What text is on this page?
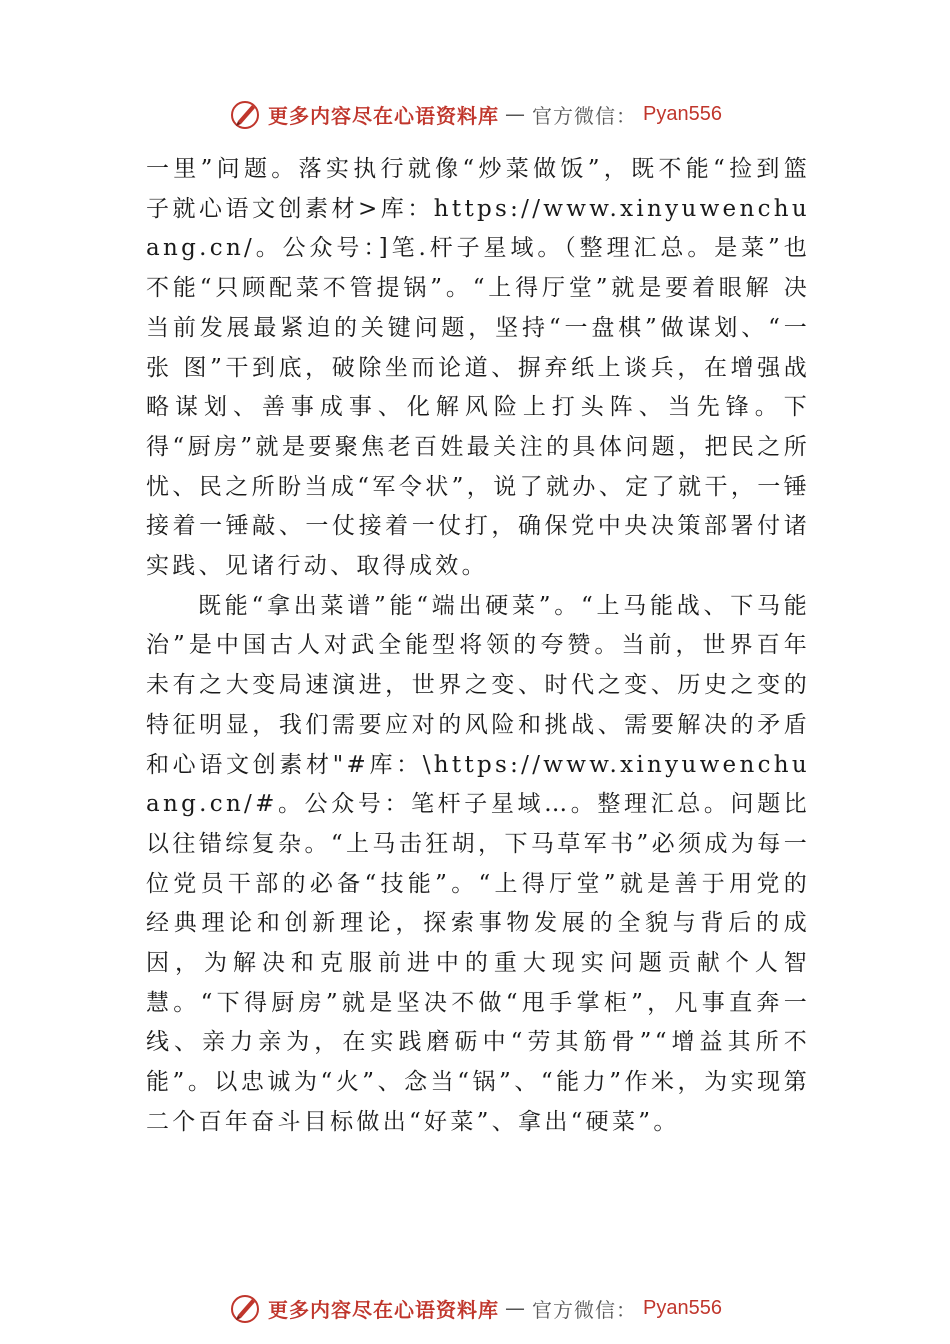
更多内容尽在心语资料库 — 官方微信： Pyan556

一里”问题。落实执行就像“炒菜做饭”，既不能“捡到篮子就心语文创素材>库：https://www.xinyuwenchuang.cn/。公众号：]笔.杆子星域。（整理汇总。是菜”也不能“只顾配菜不管提锅”。“上得厅堂”就是要着眼解 决当前发展最紧迫的关键问题，坚持“一盘棋”做谋划、“一张 图”干到底，破除坐而论道、摒弃纸上谈兵，在增强战略谋划、善事成事、化解风险上打头阵、当先锋。下得“厨房”就是要聚焦老百姓最关注的具体问题，把民之所忧、民之所盼当成“军令状”，说了就办、定了就干，一锤接着一锤敲、一仗接着一仗打，确保党中央决策部署付诸实践、见诸行动、取得成效。

既能“拿出菜谱”能“端出硬菜”。“上马能战、下马能治”是中国古人对武全能型将领的夸赞。当前，世界百年未有之大变局速演进，世界之变、时代之变、历史之变的特征明显，我们需要应对的风险和挑战、需要解决的矛盾和心语文创素材"#库：\https://www.xinyuwenchuang.cn/#。公众号：笔杆子星域…。整理汇总。问题比以往错综复杂。“上马击狂胡，下马草军书”必须成为每一位党员干部的必备“技能”。“上得厅堂”就是善于用党的经典理论和创新理论，探索事物发展的全貌与背后的成因，为解决和克服前进中的重大现实问题贡献个人智慧。“下得厨房”就是坚决不做“甩手掌柜”，凡事直奔一线、亲力亲为，在实践磨砺中“劳其筋骨”“增益其所不能”。以忠诚为“火”、念当“锅”、“能力”作米，为实现第二个百年奋斗目标做出“好菜”、拿出“硬菜”。

更多内容尽在心语资料库 — 官方微信： Pyan556
